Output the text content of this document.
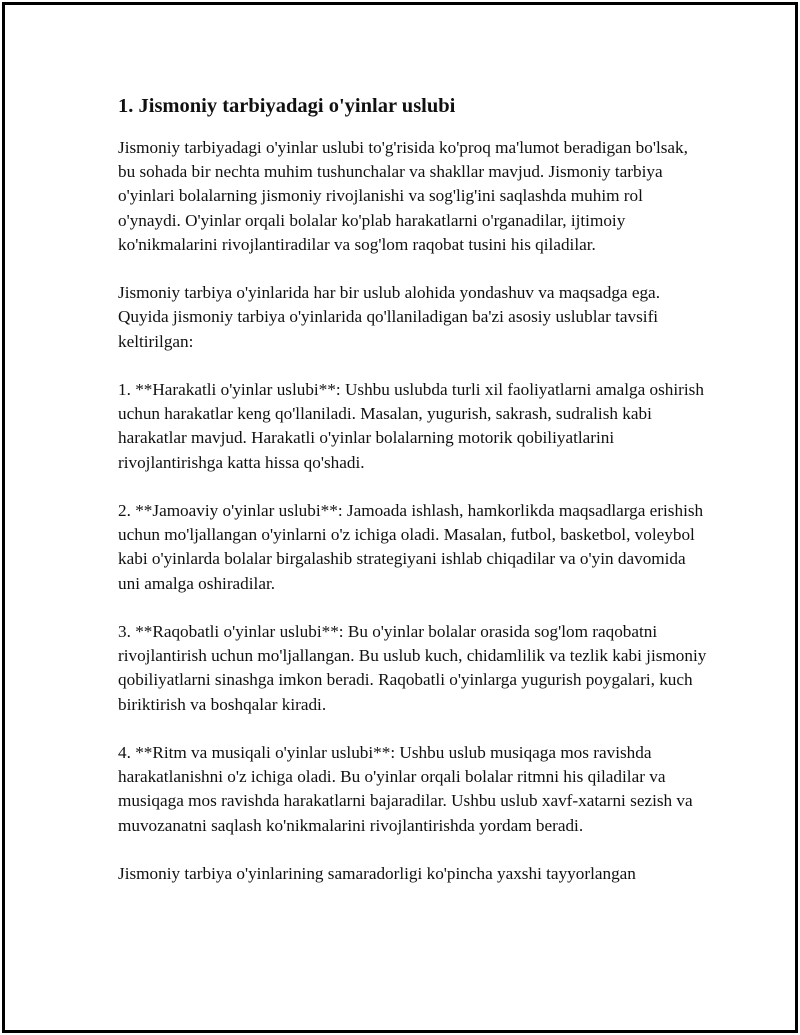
1. Jismoniy tarbiyadagi o'yinlar uslubi

Jismoniy tarbiyadagi o'yinlar uslubi to'g'risida ko'proq ma'lumot beradigan bo'lsak, bu sohada bir nechta muhim tushunchalar va shakllar mavjud. Jismoniy tarbiya o'yinlari bolalarning jismoniy rivojlanishi va sog'lig'ini saqlashda muhim rol o'ynaydi. O'yinlar orqali bolalar ko'plab harakatlarni o'rganadilar, ijtimoiy ko'nikmalarini rivojlantiradilar va sog'lom raqobat tusini his qiladilar.

Jismoniy tarbiya o'yinlarida har bir uslub alohida yondashuv va maqsadga ega. Quyida jismoniy tarbiya o'yinlarida qo'llaniladigan ba'zi asosiy uslublar tavsifi keltirilgan:

1. **Harakatli o'yinlar uslubi**: Ushbu uslubda turli xil faoliyatlarni amalga oshirish uchun harakatlar keng qo'llaniladi. Masalan, yugurish, sakrash, sudralish kabi harakatlar mavjud. Harakatli o'yinlar bolalarning motorik qobiliyatlarini rivojlantirishga katta hissa qo'shadi.

2. **Jamoaviy o'yinlar uslubi**: Jamoada ishlash, hamkorlikda maqsadlarga erishish uchun mo'ljallangan o'yinlarni o'z ichiga oladi. Masalan, futbol, basketbol, voleybol kabi o'yinlarda bolalar birgalashib strategiyani ishlab chiqadilar va o'yin davomida uni amalga oshiradilar.

3. **Raqobatli o'yinlar uslubi**: Bu o'yinlar bolalar orasida sog'lom raqobatni rivojlantirish uchun mo'ljallangan. Bu uslub kuch, chidamlilik va tezlik kabi jismoniy qobiliyatlarni sinashga imkon beradi. Raqobatli o'yinlarga yugurish poygalari, kuch biriktirish va boshqalar kiradi.

4. **Ritm va musiqali o'yinlar uslubi**: Ushbu uslub musiqaga mos ravishda harakatlanishni o'z ichiga oladi. Bu o'yinlar orqali bolalar ritmni his qiladilar va musiqaga mos ravishda harakatlarni bajaradilar. Ushbu uslub xavf-xatarni sezish va muvozanatni saqlash ko'nikmalarini rivojlantirishda yordam beradi.

Jismoniy tarbiya o'yinlarining samaradorligi ko'pincha yaxshi tayyorlangan
